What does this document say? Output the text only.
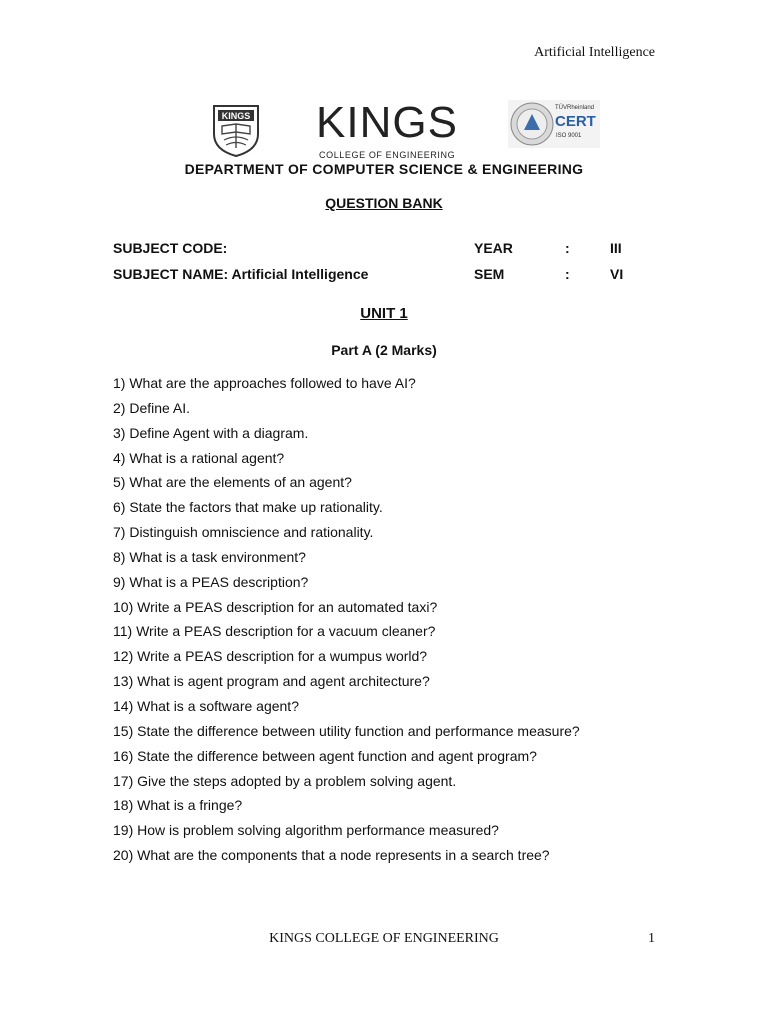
Artificial Intelligence
KINGS KINGS
COLLEGE OF ENGINEERING
TÜVRheinland
CERT
ISO 9001
DEPARTMENT OF COMPUTER SCIENCE & ENGINEERING
QUESTION BANK
SUBJECT CODE:	YEAR	:	III
SUBJECT NAME: Artificial Intelligence	SEM	:	VI
UNIT 1
Part A (2 Marks)
1) What are the approaches followed to have AI?
2) Define AI.
3) Define Agent with a diagram.
4) What is a rational agent?
5) What are the elements of an agent?
6) State the factors that make up rationality.
7) Distinguish omniscience and rationality.
8) What is a task environment?
9) What is a PEAS description?
10) Write a PEAS description for an automated taxi?
11) Write a PEAS description for a vacuum cleaner?
12) Write a PEAS description for a wumpus world?
13) What is agent program and agent architecture?
14) What is a software agent?
15) State the difference between utility function and performance measure?
16) State the difference between agent function and agent program?
17) Give the steps adopted by a problem solving agent.
18) What is a fringe?
19) How is problem solving algorithm performance measured?
20) What are the components that a node represents in a search tree?
KINGS COLLEGE OF ENGINEERING	1
